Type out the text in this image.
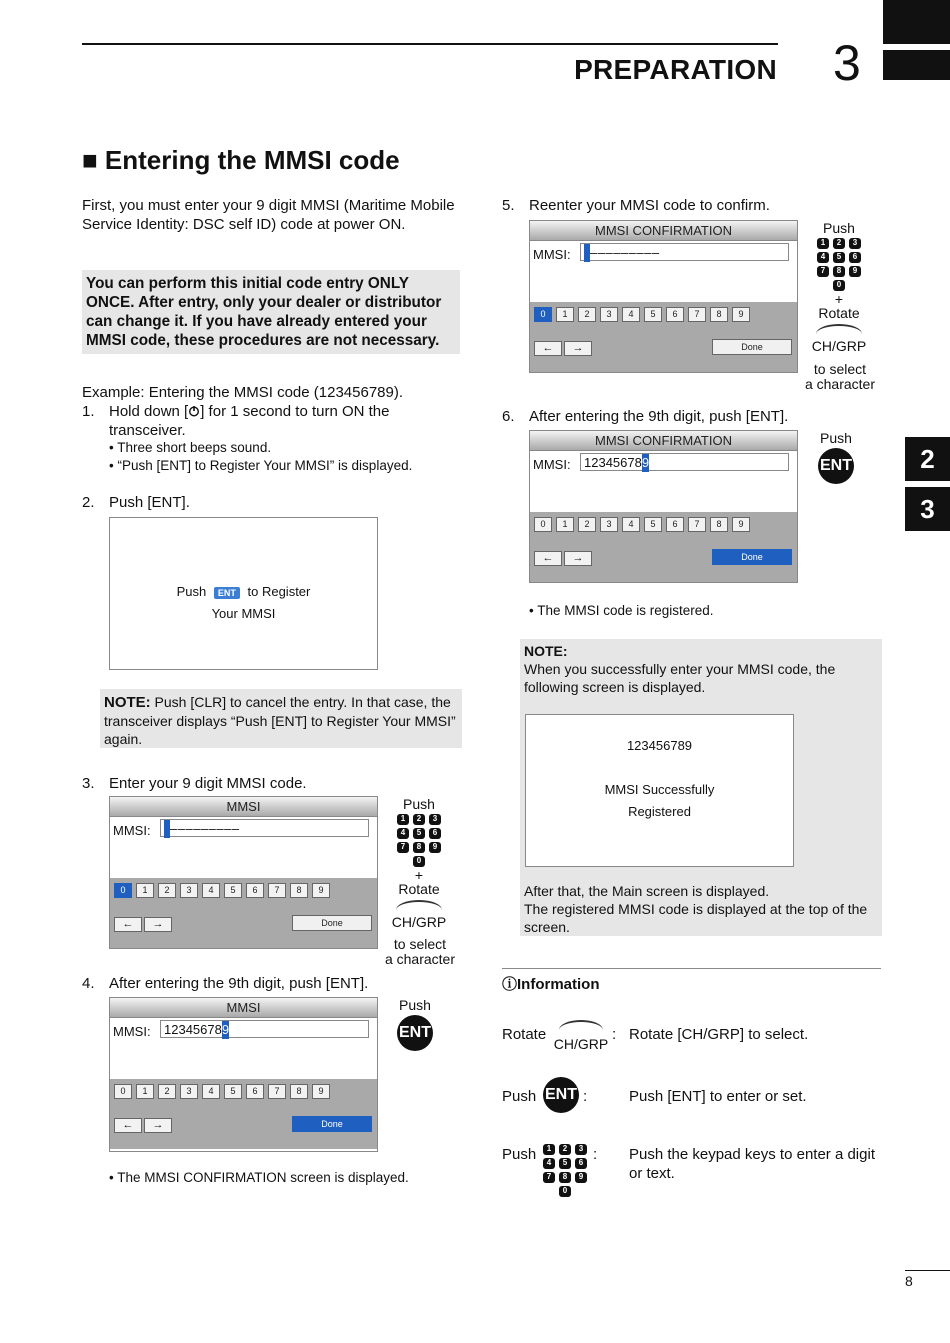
PREPARATION 3
2
3
■ Entering the MMSI code
First, you must enter your 9 digit MMSI (Maritime Mobile Service Identity: DSC self ID) code at power ON.
You can perform this initial code entry ONLY ONCE. After entry, only your dealer or distributor can change it. If you have already entered your MMSI code, these procedures are not necessary.
Example: Entering the MMSI code (123456789).
1. Hold down [ ] for 1 second to turn ON the
transceiver.
• Three short beeps sound.
• “Push [ENT] to Register Your MMSI” is displayed.
2. Push [ENT].
Push ENT to Register
Your MMSI
NOTE: Push [CLR] to cancel the entry. In that case, the transceiver displays “Push [ENT] to Register Your MMSI” again.
3. Enter your 9 digit MMSI code.
MMSI
MMSI:	–––––––––
0	1	2	3	4	5	6	7	8	9
←	→	Done
Push
1	2	3
4	5	6
7	8	9
0
+
Rotate
CH/GRP
to select
a character
4. After entering the 9th digit, push [ENT].
MMSI
MMSI:	123456789
0	1	2	3	4	5	6	7	8	9
←	→	Done
Push
ENT
• The MMSI CONFIRMATION screen is displayed.
5. Reenter your MMSI code to confirm.
MMSI CONFIRMATION
MMSI:	–––––––––
0	1	2	3	4	5	6	7	8	9
←	→	Done
Push
1	2	3
4	5	6
7	8	9
0
+
Rotate
CH/GRP
to select
a character
6. After entering the 9th digit, push [ENT].
MMSI CONFIRMATION
MMSI:	123456789
0	1	2	3	4	5	6	7	8	9
←	→	Done
Push
ENT
• The MMSI code is registered.
NOTE:
When you successfully enter your MMSI code, the following screen is displayed.
123456789
MMSI Successfully
Registered
After that, the Main screen is displayed.
The registered MMSI code is displayed at the top of the screen.
ⓘInformation
Rotate
CH/GRP
: Rotate [CH/GRP] to select.
Push ENT :	Push [ENT] to enter or set.
Push	1	2	3
4	5	6
7	8	9
0
: Push the keypad keys to enter a digit or text.
8
